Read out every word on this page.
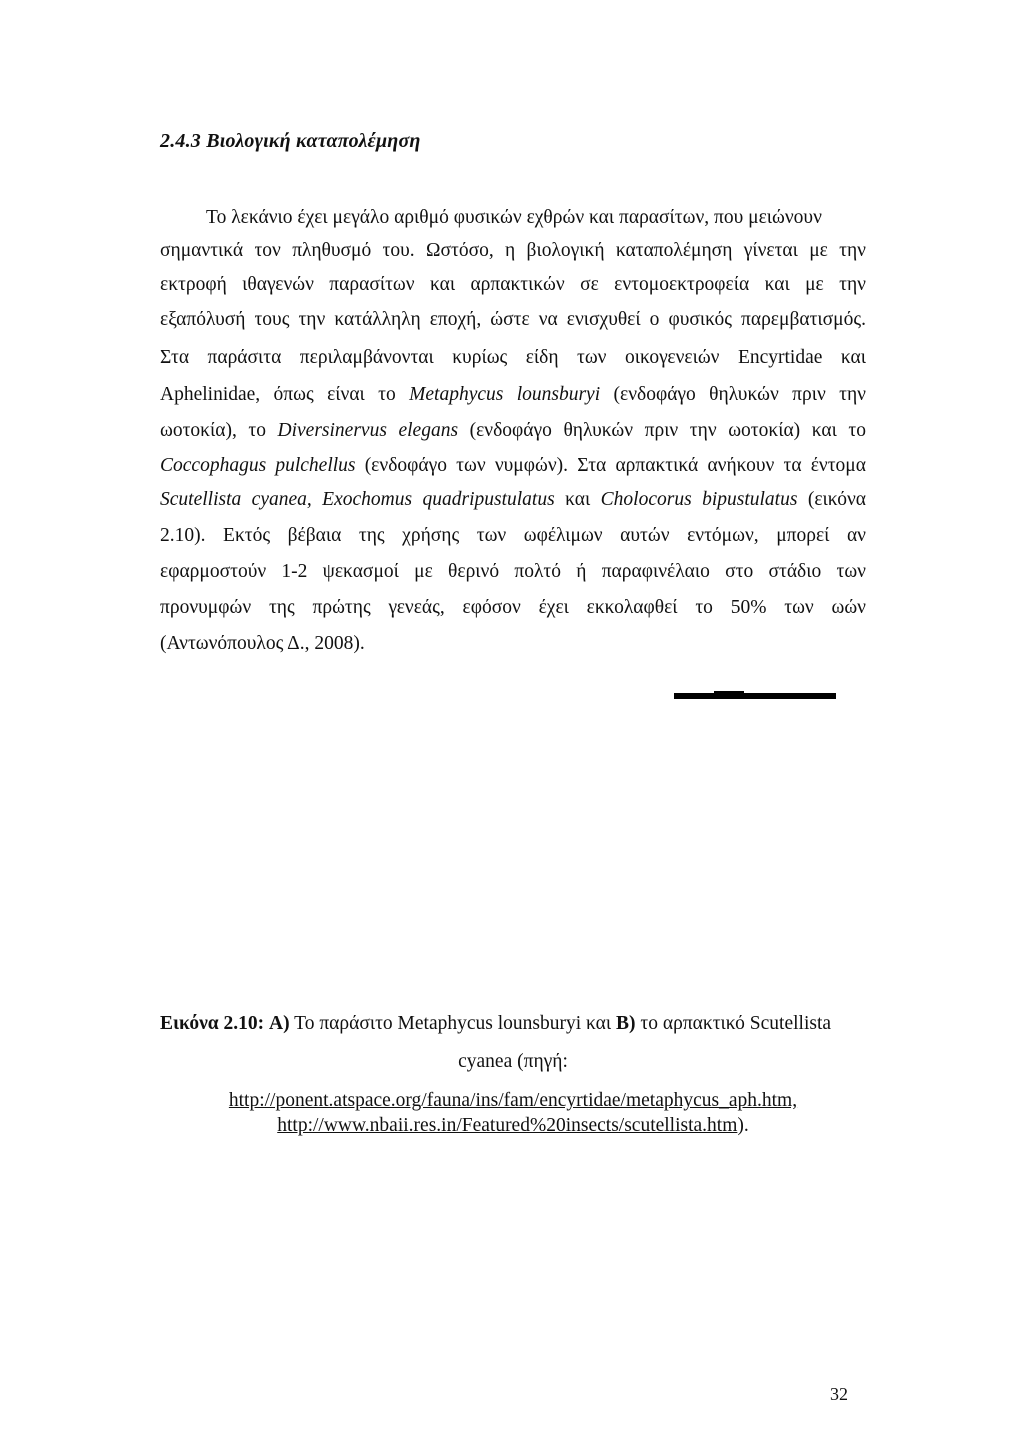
2.4.3 Βιολογική καταπολέμηση
Το λεκάνιο έχει μεγάλο αριθμό φυσικών εχθρών και παρασίτων, που μειώνουν
σημαντικά τον πληθυσμό του. Ωστόσο, η βιολογική καταπολέμηση γίνεται με την
εκτροφή ιθαγενών παρασίτων και αρπακτικών σε εντομοεκτροφεία και με την
εξαπόλυσή τους την κατάλληλη εποχή, ώστε να ενισχυθεί ο φυσικός παρεμβατισμός.
Στα παράσιτα περιλαμβάνονται κυρίως είδη των οικογενειών Encyrtidae και
Aphelinidae, όπως είναι το Metaphycus lounsburyi (ενδοφάγο θηλυκών πριν την
ωοτοκία), το Diversinervus elegans (ενδοφάγο θηλυκών πριν την ωοτοκία) και το
Coccophagus pulchellus (ενδοφάγο των νυμφών). Στα αρπακτικά ανήκουν τα έντομα
Scutellista cyanea, Exochomus quadripustulatus και Cholocorus bipustulatus (εικόνα
2.10). Εκτός βέβαια της χρήσης των ωφέλιμων αυτών εντόμων, μπορεί αν
εφαρμοστούν 1-2 ψεκασμοί με θερινό πολτό ή παραφινέλαιο στο στάδιο των
προνυμφών της πρώτης γενεάς, εφόσον έχει εκκολαφθεί το 50% των ωών
(Αντωνόπουλος Δ., 2008).
Εικόνα 2.10: Α) Το παράσιτο Metaphycus lounsburyi και Β) το αρπακτικό Scutellista
cyanea (πηγή:
http://ponent.atspace.org/fauna/ins/fam/encyrtidae/metaphycus_aph.htm,
http://www.nbaii.res.in/Featured%20insects/scutellista.htm).
32
